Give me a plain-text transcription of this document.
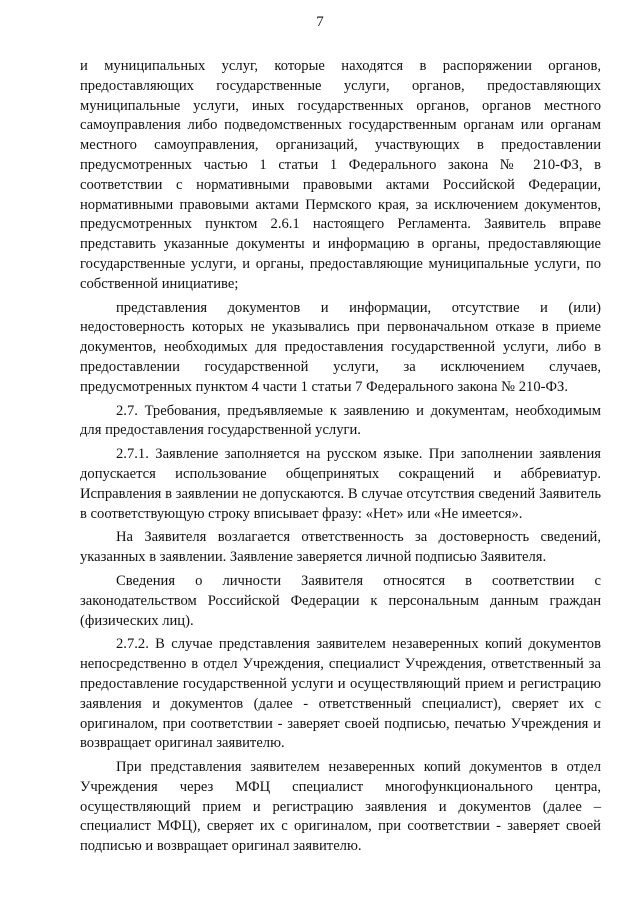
7

и муниципальных услуг, которые находятся в распоряжении органов, предоставляющих государственные услуги, органов, предоставляющих муниципальные услуги, иных государственных органов, органов местного самоуправления либо подведомственных государственным органам или органам местного самоуправления, организаций, участвующих в предоставлении предусмотренных частью 1 статьи 1 Федерального закона № 210-ФЗ, в соответствии с нормативными правовыми актами Российской Федерации, нормативными правовыми актами Пермского края, за исключением документов, предусмотренных пунктом 2.6.1 настоящего Регламента. Заявитель вправе представить указанные документы и информацию в органы, предоставляющие государственные услуги, и органы, предоставляющие муниципальные услуги, по собственной инициативе;

представления документов и информации, отсутствие и (или) недостоверность которых не указывались при первоначальном отказе в приеме документов, необходимых для предоставления государственной услуги, либо в предоставлении государственной услуги, за исключением случаев, предусмотренных пунктом 4 части 1 статьи 7 Федерального закона № 210-ФЗ.

2.7. Требования, предъявляемые к заявлению и документам, необходимым для предоставления государственной услуги.

2.7.1. Заявление заполняется на русском языке. При заполнении заявления допускается использование общепринятых сокращений и аббревиатур. Исправления в заявлении не допускаются. В случае отсутствия сведений Заявитель в соответствующую строку вписывает фразу: «Нет» или «Не имеется».

На Заявителя возлагается ответственность за достоверность сведений, указанных в заявлении. Заявление заверяется личной подписью Заявителя.

Сведения о личности Заявителя относятся в соответствии с законодательством Российской Федерации к персональным данным граждан (физических лиц).

2.7.2. В случае представления заявителем незаверенных копий документов непосредственно в отдел Учреждения, специалист Учреждения, ответственный за предоставление государственной услуги и осуществляющий прием и регистрацию заявления и документов (далее - ответственный специалист), сверяет их с оригиналом, при соответствии - заверяет своей подписью, печатью Учреждения и возвращает оригинал заявителю.

При представления заявителем незаверенных копий документов в отдел Учреждения через МФЦ специалист многофункционального центра, осуществляющий прием и регистрацию заявления и документов (далее – специалист МФЦ), сверяет их с оригиналом, при соответствии - заверяет своей подписью и возвращает оригинал заявителю.
